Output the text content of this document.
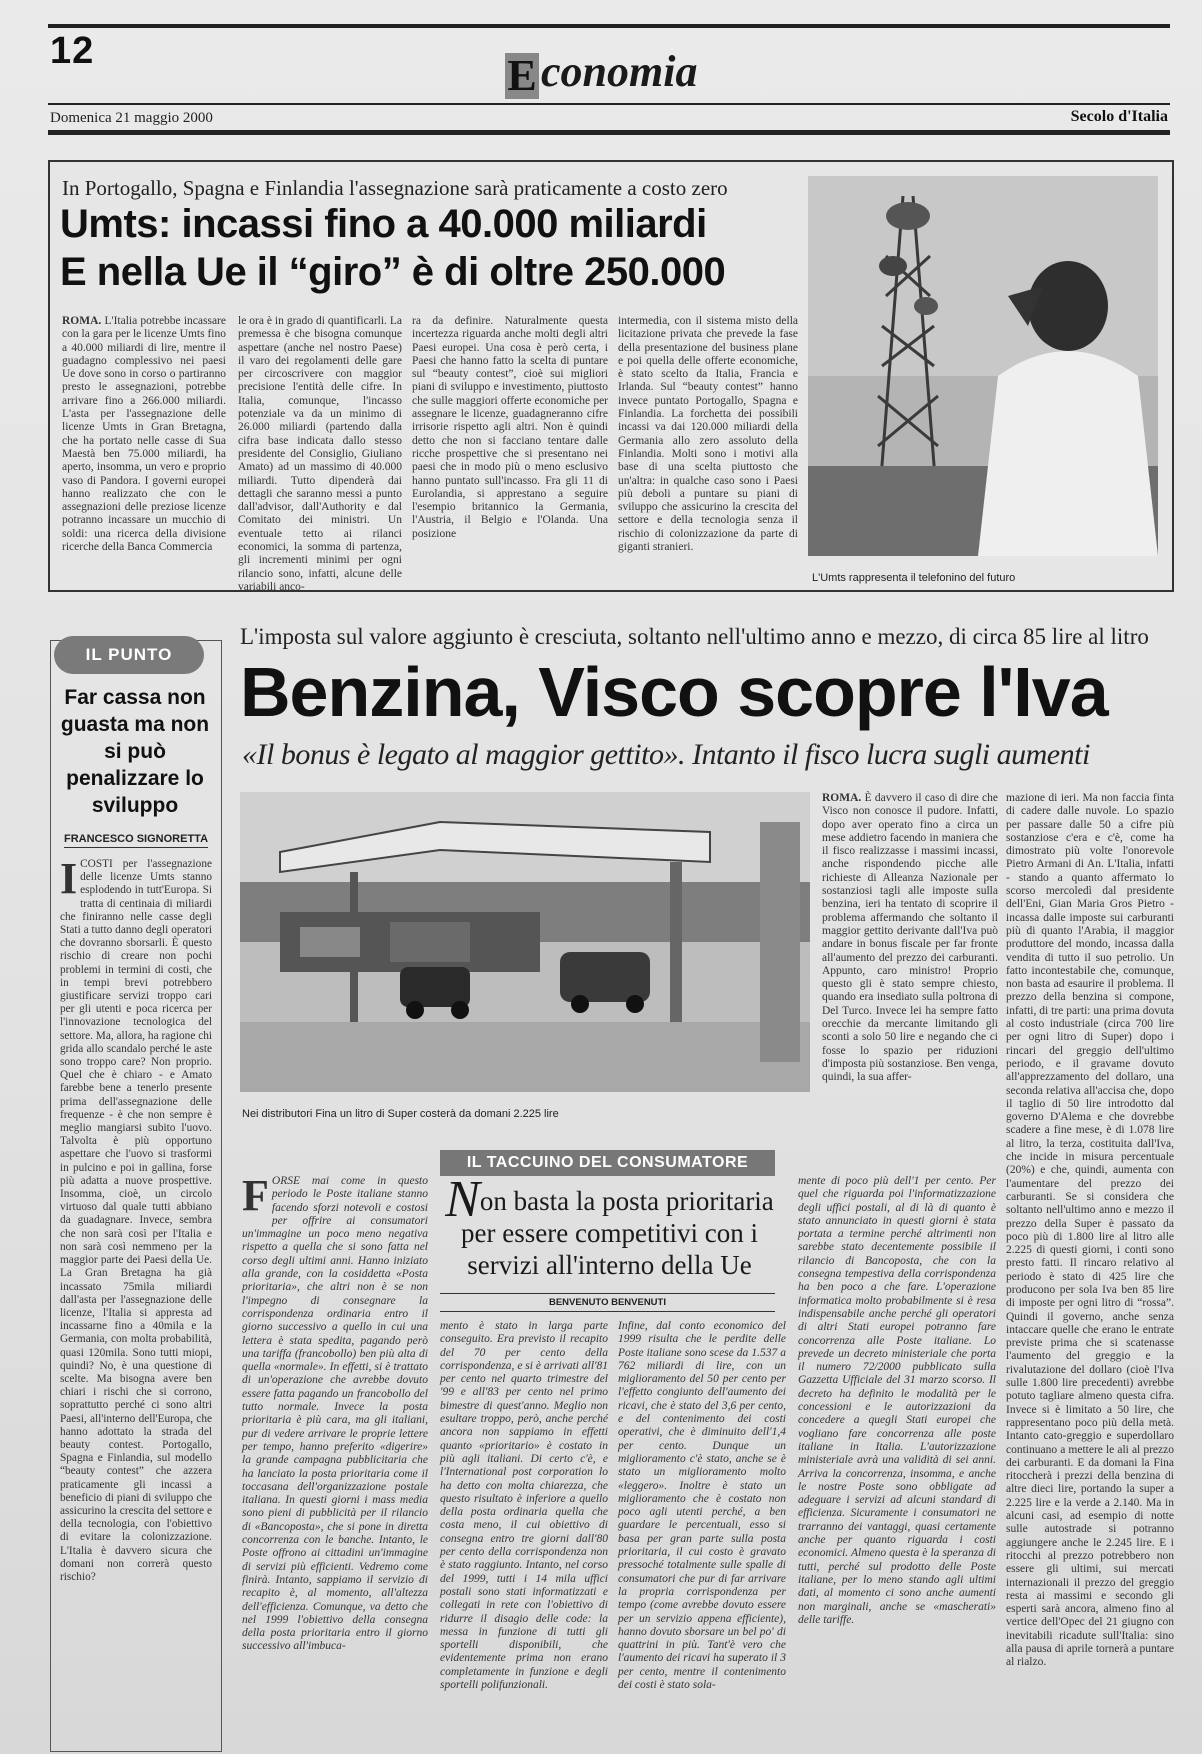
12	Economia
Domenica 21 maggio 2000	Secolo d'Italia
In Portogallo, Spagna e Finlandia l'assegnazione sarà praticamente a costo zero
Umts: incassi fino a 40.000 miliardi
E nella Ue il “giro” è di oltre 250.000
ROMA. L'Italia potrebbe incassare con la gara per le licenze Umts fino a 40.000 miliardi di lire, mentre il guadagno complessivo nei paesi Ue dove sono in corso o partiranno presto le assegnazioni, potrebbe arrivare fino a 266.000 miliardi. L'asta per l'assegnazione delle licenze Umts in Gran Bretagna, che ha portato nelle casse di Sua Maestà ben 75.000 miliardi, ha aperto, insomma, un vero e proprio vaso di Pandora. I governi europei hanno realizzato che con le assegnazioni delle preziose licenze potranno incassare un mucchio di soldi: una ricerca della divisione ricerche della Banca Commercia
le ora è in grado di quantificarli. La premessa è che bisogna comunque aspettare (anche nel nostro Paese) il varo dei regolamenti delle gare per circoscrivere con maggior precisione l'entità delle cifre. In Italia, comunque, l'incasso potenziale va da un minimo di 26.000 miliardi (partendo dalla cifra base indicata dallo stesso presidente del Consiglio, Giuliano Amato) ad un massimo di 40.000 miliardi. Tutto dipenderà dai dettagli che saranno messi a punto dall'advisor, dall'Authority e dal Comitato dei ministri. Un eventuale tetto ai rilanci economici, la somma di partenza, gli incrementi minimi per ogni rilancio sono, infatti, alcune delle variabili anco-
ra da definire. Naturalmente questa incertezza riguarda anche molti degli altri Paesi europei. Una cosa è però certa, i Paesi che hanno fatto la scelta di puntare sul “beauty contest”, cioè sui migliori piani di sviluppo e investimento, piuttosto che sulle maggiori offerte economiche per assegnare le licenze, guadagneranno cifre irrisorie rispetto agli altri. Non è quindi detto che non si facciano tentare dalle ricche prospettive che si presentano nei paesi che in modo più o meno esclusivo hanno puntato sull'incasso. Fra gli 11 di Eurolandia, si apprestano a seguire l'esempio britannico la Germania, l'Austria, il Belgio e l'Olanda. Una posizione
intermedia, con il sistema misto della licitazione privata che prevede la fase della presentazione del business plane e poi quella delle offerte economiche, è stato scelto da Italia, Francia e Irlanda. Sul “beauty contest” hanno invece puntato Portogallo, Spagna e Finlandia. La forchetta dei possibili incassi va dai 120.000 miliardi della Germania allo zero assoluto della Finlandia. Molti sono i motivi alla base di una scelta piuttosto che un'altra: in qualche caso sono i Paesi più deboli a puntare su piani di sviluppo che assicurino la crescita del settore e della tecnologia senza il rischio di colonizzazione da parte di giganti stranieri.
L'Umts rappresenta il telefonino del futuro
IL PUNTO
Far cassa non guasta ma non si può penalizzare lo sviluppo
FRANCESCO SIGNORETTA
ICOSTI per l'assegnazione delle licenze Umts stanno esplodendo in tutt'Europa. Si tratta di centinaia di miliardi che finiranno nelle casse degli Stati a tutto danno degli operatori che dovranno sborsarli. È questo rischio di creare non pochi problemi in termini di costi, che in tempi brevi potrebbero giustificare servizi troppo cari per gli utenti e poca ricerca per l'innovazione tecnologica del settore. Ma, allora, ha ragione chi grida allo scandalo perché le aste sono troppo care? Non proprio. Quel che è chiaro - e Amato farebbe bene a tenerlo presente prima dell'assegnazione delle frequenze - è che non sempre è meglio mangiarsi subito l'uovo. Talvolta è più opportuno aspettare che l'uovo si trasformi in pulcino e poi in gallina, forse più adatta a nuove prospettive. Insomma, cioè, un circolo virtuoso dal quale tutti abbiano da guadagnare. Invece, sembra che non sarà così per l'Italia e non sarà così nemmeno per la maggior parte dei Paesi della Ue. La Gran Bretagna ha già incassato 75mila miliardi dall'asta per l'assegnazione delle licenze, l'Italia si appresta ad incassarne fino a 40mila e la Germania, con molta probabilità, quasi 120mila. Sono tutti miopi, quindi? No, è una questione di scelte. Ma bisogna avere ben chiari i rischi che si corrono, soprattutto perché ci sono altri Paesi, all'interno dell'Europa, che hanno adottato la strada del beauty contest. Portogallo, Spagna e Finlandia, sul modello “beauty contest” che azzera praticamente gli incassi a beneficio di piani di sviluppo che assicurino la crescita del settore e della tecnologia, con l'obiettivo di evitare la colonizzazione. L'Italia è davvero sicura che domani non correrà questo rischio?
L'imposta sul valore aggiunto è cresciuta, soltanto nell'ultimo anno e mezzo, di circa 85 lire al litro
Benzina, Visco scopre l'Iva
«Il bonus è legato al maggior gettito». Intanto il fisco lucra sugli aumenti
Nei distributori Fina un litro di Super costerà da domani 2.225 lire
ROMA. È davvero il caso di dire che Visco non conosce il pudore. Infatti, dopo aver operato fino a circa un mese addietro facendo in maniera che il fisco realizzasse i massimi incassi, anche rispondendo picche alle richieste di Alleanza Nazionale per sostanziosi tagli alle imposte sulla benzina, ieri ha tentato di scoprire il problema affermando che soltanto il maggior gettito derivante dall'Iva può andare in bonus fiscale per far fronte all'aumento del prezzo dei carburanti. Appunto, caro ministro! Proprio questo gli è stato sempre chiesto, quando era insediato sulla poltrona di Del Turco. Invece lei ha sempre fatto orecchie da mercante limitando gli sconti a solo 50 lire e negando che ci fosse lo spazio per riduzioni d'imposta più sostanziose. Ben venga, quindi, la sua affer-
mazione di ieri. Ma non faccia finta di cadere dalle nuvole. Lo spazio per passare dalle 50 a cifre più sostanziose c'era e c'è, come ha dimostrato più volte l'onorevole Pietro Armani di An. L'Italia, infatti - stando a quanto affermato lo scorso mercoledì dal presidente dell'Eni, Gian Maria Gros Pietro - incassa dalle imposte sui carburanti più di quanto l'Arabia, il maggior produttore del mondo, incassa dalla vendita di tutto il suo petrolio. Un fatto incontestabile che, comunque, non basta ad esaurire il problema. Il prezzo della benzina si compone, infatti, di tre parti: una prima dovuta al costo industriale (circa 700 lire per ogni litro di Super) dopo i rincari del greggio dell'ultimo periodo, e il gravame dovuto all'apprezzamento del dollaro, una seconda relativa all'accisa che, dopo il taglio di 50 lire introdotto dal governo D'Alema e che dovrebbe scadere a fine mese, è di 1.078 lire al litro, la terza, costituita dall'Iva, che incide in misura percentuale (20%) e che, quindi, aumenta con l'aumentare del prezzo dei carburanti. Se si considera che soltanto nell'ultimo anno e mezzo il prezzo della Super è passato da poco più di 1.800 lire al litro alle 2.225 di questi giorni, i conti sono presto fatti. Il rincaro relativo al periodo è stato di 425 lire che producono per sola Iva ben 85 lire di imposte per ogni litro di “rossa”. Quindi il governo, anche senza intaccare quelle che erano le entrate previste prima che si scatenasse l'aumento del greggio e la rivalutazione del dollaro (cioè l'Iva sulle 1.800 lire precedenti) avrebbe potuto tagliare almeno questa cifra. Invece si è limitato a 50 lire, che rappresentano poco più della metà. Intanto cato-greggio e superdollaro continuano a mettere le ali al prezzo dei carburanti. E da domani la Fina ritoccherà i prezzi della benzina di altre dieci lire, portando la super a 2.225 lire e la verde a 2.140. Ma in alcuni casi, ad esempio di notte sulle autostrade si potranno aggiungere anche le 2.245 lire. E i ritocchi al prezzo potrebbero non essere gli ultimi, sui mercati internazionali il prezzo del greggio resta ai massimi e secondo gli esperti sarà ancora, almeno fino al vertice dell'Opec del 21 giugno con inevitabili ricadute sull'Italia: sino alla pausa di aprile tornerà a puntare al rialzo.
IL TACCUINO DEL CONSUMATORE
Non basta la posta prioritaria per essere competitivi con i servizi all'interno della Ue
BENVENUTO BENVENUTI
FORSE mai come in questo periodo le Poste italiane stanno facendo sforzi notevoli e costosi per offrire ai consumatori un'immagine un poco meno negativa rispetto a quella che si sono fatta nel corso degli ultimi anni. Hanno iniziato alla grande, con la cosiddetta «Posta prioritaria», che altri non è se non l'impegno di consegnare la corrispondenza ordinaria entro il giorno successivo a quello in cui una lettera è stata spedita, pagando però una tariffa (francobollo) ben più alta di quella «normale». In effetti, si è trattato di un'operazione che avrebbe dovuto essere fatta pagando un francobollo del tutto normale. Invece la posta prioritaria è più cara, ma gli italiani, pur di vedere arrivare le proprie lettere per tempo, hanno preferito «digerire» la grande campagna pubblicitaria che ha lanciato la posta prioritaria come il toccasana dell'organizzazione postale italiana. In questi giorni i mass media sono pieni di pubblicità per il rilancio di «Bancoposta», che si pone in diretta concorrenza con le banche. Intanto, le Poste offrono ai cittadini un'immagine di servizi più efficienti. Vedremo come finirà. Intanto, sappiamo il servizio di recapito è, al momento, all'altezza dell'efficienza. Comunque, va detto che nel 1999 l'obiettivo della consegna della posta prioritaria entro il giorno successivo all'imbuca-
mento è stato in larga parte conseguito. Era previsto il recapito del 70 per cento della corrispondenza, e si è arrivati all'81 per cento nel quarto trimestre del '99 e all'83 per cento nel primo bimestre di quest'anno. Meglio non esultare troppo, però, anche perché ancora non sappiamo in effetti quanto «prioritario» è costato in più agli italiani. Di certo c'è, e l'International post corporation lo ha detto con molta chiarezza, che questo risultato è inferiore a quello della posta ordinaria quella che costa meno, il cui obiettivo di consegna entro tre giorni dall'80 per cento della corrispondenza non è stato raggiunto. Intanto, nel corso del 1999, tutti i 14 mila uffici postali sono stati informatizzati e collegati in rete con l'obiettivo di ridurre il disagio delle code: la messa in funzione di tutti gli sportelli disponibili, che evidentemente prima non erano completamente in funzione e degli sportelli polifunzionali.
Infine, dal conto economico del 1999 risulta che le perdite delle Poste italiane sono scese da 1.537 a 762 miliardi di lire, con un miglioramento del 50 per cento per l'effetto congiunto dell'aumento dei ricavi, che è stato del 3,6 per cento, e del contenimento dei costi operativi, che è diminuito dell'1,4 per cento. Dunque un miglioramento c'è stato, anche se è stato un miglioramento molto «leggero». Inoltre è stato un miglioramento che è costato non poco agli utenti perché, a ben guardare le percentuali, esso si basa per gran parte sulla posta prioritaria, il cui costo è gravato pressoché totalmente sulle spalle di consumatori che pur di far arrivare la propria corrispondenza per tempo (come avrebbe dovuto essere per un servizio appena efficiente), hanno dovuto sborsare un bel po' di quattrini in più. Tant'è vero che l'aumento dei ricavi ha superato il 3 per cento, mentre il contenimento dei costi è stato sola-
mente di poco più dell'1 per cento. Per quel che riguarda poi l'informatizzazione degli uffici postali, al di là di quanto è stato annunciato in questi giorni è stata portata a termine perché altrimenti non sarebbe stato decentemente possibile il rilancio di Bancoposta, che con la consegna tempestiva della corrispondenza ha ben poco a che fare. L'operazione informatica molto probabilmente si è resa indispensabile anche perché gli operatori di altri Stati europei potranno fare concorrenza alle Poste italiane. Lo prevede un decreto ministeriale che porta il numero 72/2000 pubblicato sulla Gazzetta Ufficiale del 31 marzo scorso. Il decreto ha definito le modalità per le concessioni e le autorizzazioni da concedere a quegli Stati europei che vogliano fare concorrenza alle poste italiane in Italia. L'autorizzazione ministeriale avrà una validità di sei anni. Arriva la concorrenza, insomma, e anche le nostre Poste sono obbligate ad adeguare i servizi ad alcuni standard di efficienza. Sicuramente i consumatori ne trarranno dei vantaggi, quasi certamente anche per quanto riguarda i costi economici. Almeno questa è la speranza di tutti, perché sul prodotto delle Poste italiane, per lo meno stando agli ultimi dati, al momento ci sono anche aumenti non marginali, anche se «mascherati» delle tariffe.
